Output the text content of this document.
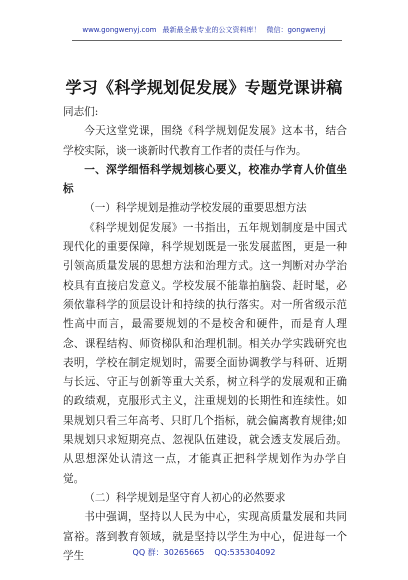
www.gongwenyj.com 最新最全最专业的公文资料库！ 微信：gongwenyj
学习《科学规划促发展》专题党课讲稿

同志们:

今天这堂党课，围绕《科学规划促发展》这本书，结合学校实际，谈一谈新时代教育工作者的责任与作为。

一、深学细悟科学规划核心要义，校准办学育人价值坐标

（一）科学规划是推动学校发展的重要思想方法

《科学规划促发展》一书指出，五年规划制度是中国式现代化的重要保障，科学规划既是一张发展蓝图，更是一种引领高质量发展的思想方法和治理方式。这一判断对办学治校具有直接启发意义。学校发展不能靠拍脑袋、赶时髦，必须依靠科学的顶层设计和持续的执行落实。对一所省级示范性高中而言，最需要规划的不是校舍和硬件，而是育人理念、课程结构、师资梯队和治理机制。相关办学实践研究也表明，学校在制定规划时，需要全面协调教学与科研、近期与长远、守正与创新等重大关系，树立科学的发展观和正确的政绩观，克服形式主义，注重规划的长期性和连续性。如果规划只看三年高考、只盯几个指标，就会偏离教育规律;如果规划只求短期亮点、忽视队伍建设，就会透支发展后劲。从思想深处认清这一点，才能真正把科学规划作为办学自觉。

（二）科学规划是坚守育人初心的必然要求

书中强调，坚持以人民为中心，实现高质量发展和共同富裕。落到教育领域，就是坚持以学生为中心，促进每一个学生	QQ 群：30265665 QQ:535304092
